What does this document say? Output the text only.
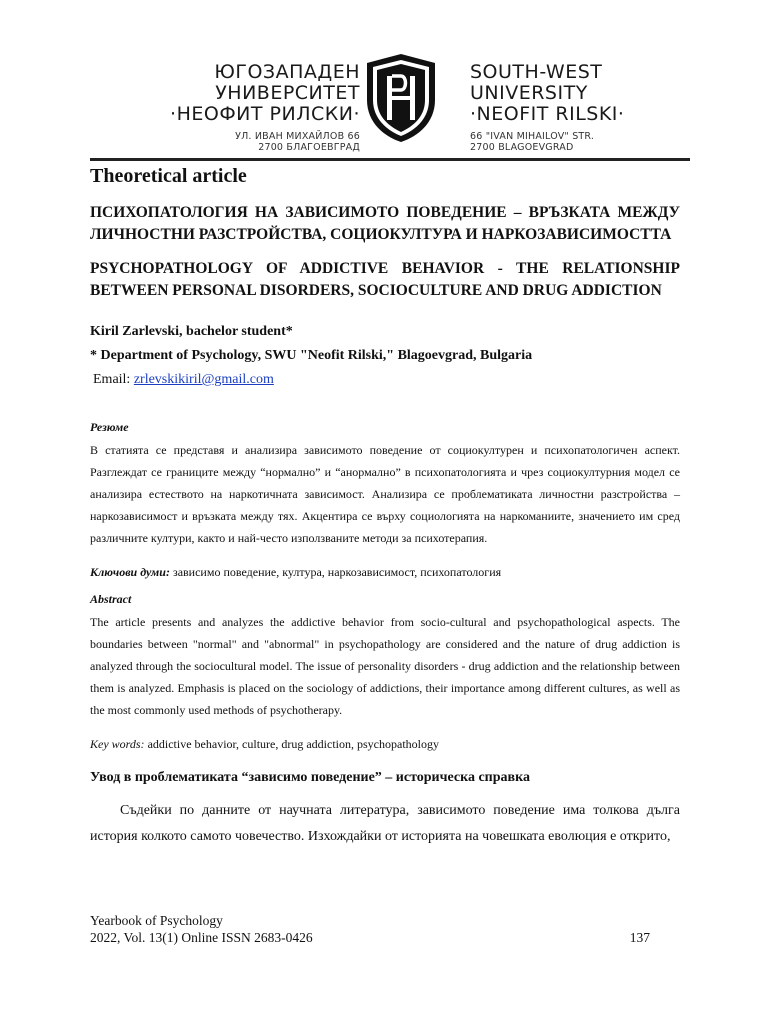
ЮГОЗАПАДЕН
УНИВЕРСИТЕТ
·НЕОФИТ РИЛСКИ·
УЛ. ИВАН МИХАЙЛОВ 66
2700 БЛАГОЕВГРАД
SOUTH-WEST
UNIVERSITY
·NEOFIT RILSKI·
66 "IVAN MIHAILOV" STR.
2700 BLAGOEVGRAD
Theoretical article

ПСИХОПАТОЛОГИЯ НА ЗАВИСИМОТО ПОВЕДЕНИЕ – ВРЪЗКАТА МЕЖДУ ЛИЧНОСТНИ РАЗСТРОЙСТВА, СОЦИОКУЛТУРА И НАРКОЗАВИСИМОСТТА

PSYCHOPATHOLOGY OF ADDICTIVE BEHAVIOR - THE RELATIONSHIP BETWEEN PERSONAL DISORDERS, SOCIOCULTURE AND DRUG ADDICTION

Kiril Zarlevski, bachelor student*

* Department of Psychology, SWU "Neofit Rilski," Blagoevgrad, Bulgaria

Email: zrlevskikiril@gmail.com

Резюме

В статията се представя и анализира зависимото поведение от социокултурен и психопатологичен аспект. Разглеждат се границите между “нормално” и “анормално” в психопатологията и чрез социокултурния модел се анализира естеството на наркотичната зависимост. Анализира се проблематиката личностни разстройства – наркозависимост и връзката между тях. Акцентира се върху социологията на наркоманиите, значението им сред различните култури, както и най-често използваните методи за психотерапия.

Ключови думи: зависимо поведение, култура, наркозависимост, психопатология

Abstract

The article presents and analyzes the addictive behavior from socio-cultural and psychopathological aspects. The boundaries between "normal" and "abnormal" in psychopathology are considered and the nature of drug addiction is analyzed through the sociocultural model. The issue of personality disorders - drug addiction and the relationship between them is analyzed. Emphasis is placed on the sociology of addictions, their importance among different cultures, as well as the most commonly used methods of psychotherapy.

Key words: addictive behavior, culture, drug addiction, psychopathology

Увод в проблематиката “зависимо поведение” – историческа справка

Съдейки по данните от научната литература, зависимото поведение има толкова дълга история колкото самото човечество. Изхождайки от историята на човешката еволюция е открито,

Yearbook of Psychology
2022, Vol. 13(1) Online ISSN 2683-0426	137
